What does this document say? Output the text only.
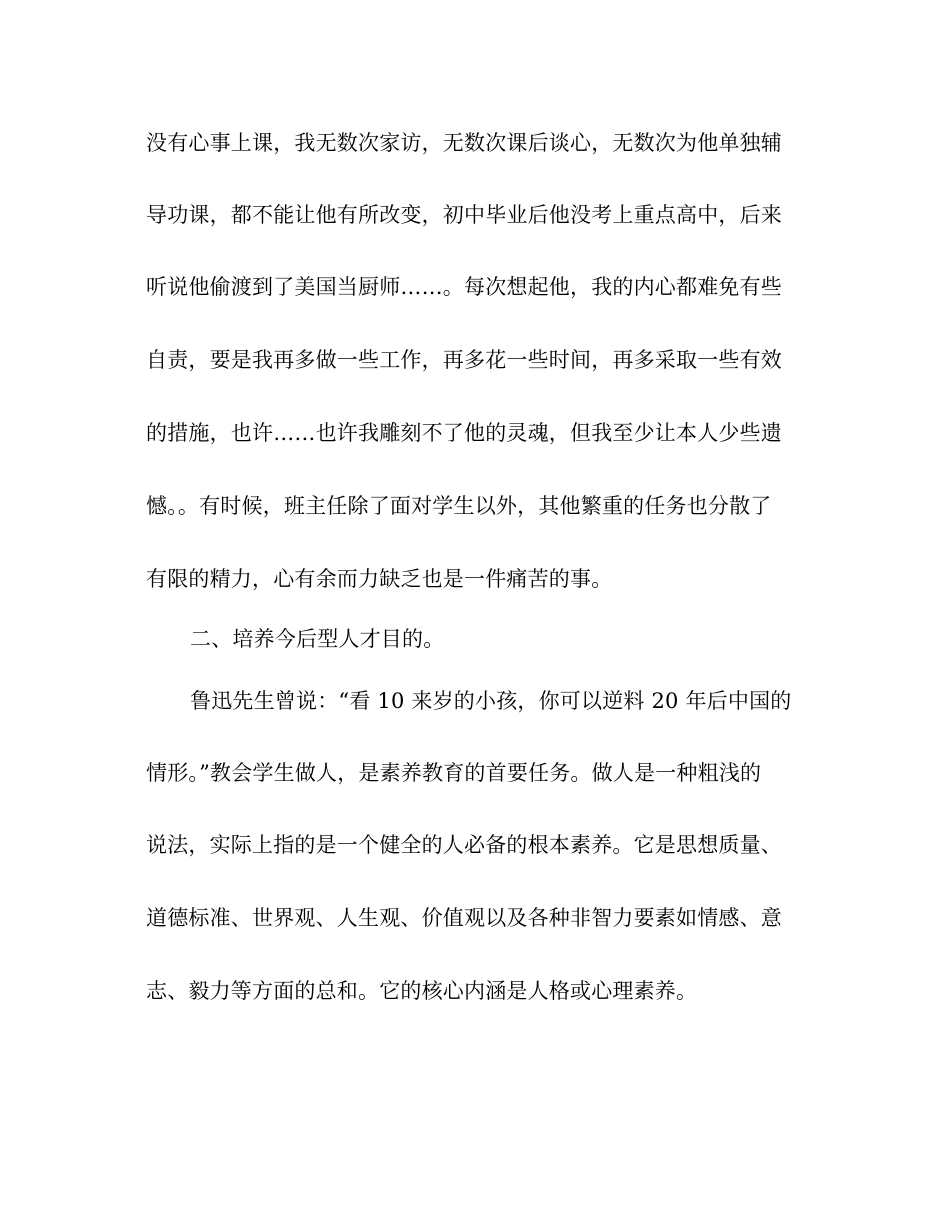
没有心事上课，我无数次家访，无数次课后谈心，无数次为他单独辅

导功课，都不能让他有所改变，初中毕业后他没考上重点高中，后来

听说他偷渡到了美国当厨师……。每次想起他，我的内心都难免有些

自责，要是我再多做一些工作，再多花一些时间，再多采取一些有效

的措施，也许……也许我雕刻不了他的灵魂，但我至少让本人少些遗

憾。。有时候，班主任除了面对学生以外，其他繁重的任务也分散了

有限的精力，心有余而力缺乏也是一件痛苦的事。

二、培养今后型人才目的。

鲁迅先生曾说：“看 10 来岁的小孩，你可以逆料 20 年后中国的

情形。”教会学生做人，是素养教育的首要任务。做人是一种粗浅的

说法，实际上指的是一个健全的人必备的根本素养。它是思想质量、

道德标准、世界观、人生观、价值观以及各种非智力要素如情感、意

志、毅力等方面的总和。它的核心内涵是人格或心理素养。
